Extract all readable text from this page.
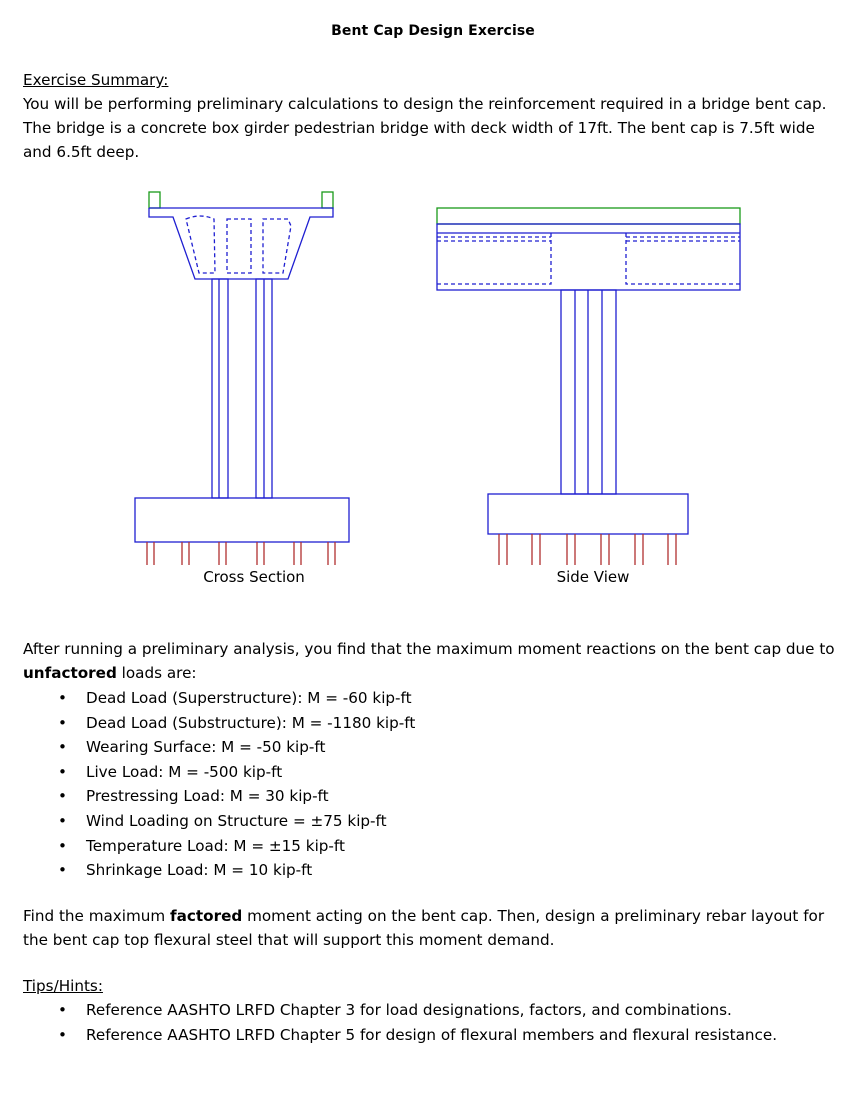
Bent Cap Design Exercise
Exercise Summary:
You will be performing preliminary calculations to design the reinforcement required in a bridge bent cap. The bridge is a concrete box girder pedestrian bridge with deck width of 17ft. The bent cap is 7.5ft wide and 6.5ft deep.
Cross Section	Side View
After running a preliminary analysis, you find that the maximum moment reactions on the bent cap due to unfactored loads are:
• Dead Load (Superstructure): M = -60 kip-ft
• Dead Load (Substructure): M = -1180 kip-ft
• Wearing Surface: M = -50 kip-ft
• Live Load: M = -500 kip-ft
• Prestressing Load: M = 30 kip-ft
• Wind Loading on Structure = ±75 kip-ft
• Temperature Load: M = ±15 kip-ft
• Shrinkage Load: M = 10 kip-ft
Find the maximum factored moment acting on the bent cap. Then, design a preliminary rebar layout for the bent cap top flexural steel that will support this moment demand.
Tips/Hints:
• Reference AASHTO LRFD Chapter 3 for load designations, factors, and combinations.
• Reference AASHTO LRFD Chapter 5 for design of flexural members and flexural resistance.
